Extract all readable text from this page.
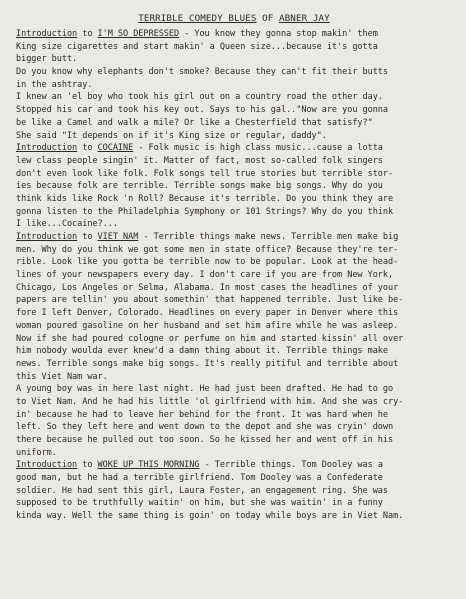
TERRIBLE COMEDY BLUES OF ABNER JAY
Introduction to I'M SO DEPRESSED - You know they gonna stop makin' them
King size cigarettes and start makin' a Queen size...because it's gotta
bigger butt.
Do you know why elephants don't smoke? Because they can't fit their butts
in the ashtray.
I knew an 'el boy who took his girl out on a country road the other day.
Stopped his car and took his key out. Says to his gal.."Now are you gonna
be like a Camel and walk a mile? Or like a Chesterfield that satisfy?"
She said "It depends on if it's King size or regular, daddy".
Introduction to COCAINE - Folk music is high class music...cause a lotta
lew class people singin' it. Matter of fact, most so-called folk singers
don't even look like folk. Folk songs tell true stories but terrible stor-
ies because folk are terrible. Terrible songs make big songs. Why do you
think kids like Rock 'n Roll? Because it's terrible. Do you think they are
gonna listen to the Philadelphia Symphony or 101 Strings? Why do you think
I like...Cocaine?...
Introduction to VIET NAM - Terrible things make news. Terrible men make big
men. Why do you think we got some men in state office? Because they're ter-
rible. Look like you gotta be terrible now to be popular. Look at the head-
lines of your newspapers every day. I don't care if you are from New York,
Chicago, Los Angeles or Selma, Alabama. In most cases the headlines of your
papers are tellin' you about somethin' that happened terrible. Just like be-
fore I left Denver, Colorado. Headlines on every paper in Denver where this
woman poured gasoline on her husband and set him afire while he was asleep.
Now if she had poured cologne or perfume on him and started kissin' all over
him nobody woulda ever knew'd a damn thing about it. Terrible things make
news. Terrible songs make big songs. It's really pitiful and terrible about
this Viet Nam war.
A young boy was in here last night. He had just been drafted. He had to go
to Viet Nam. And he had his little 'ol girlfriend with him. And she was cry-
in' because he had to leave her behind for the front. It was hard when he
left. So they left here and went down to the depot and she was cryin' down
there because he pulled out too soon. So he kissed her and went off in his
uniform.
Introduction to WOKE UP THIS MORNING - Terrible things. Tom Dooley was a
good man, but he had a terrible girlfriend. Tom Dooley was a Confederate
soldier. He had sent this girl, Laura Foster, an engagement ring. She was
supposed to be truthfully waitin' on him, but she was waitin' in a funny
kinda way. Well the same thing is goin' on today while boys are in Viet Nam.
